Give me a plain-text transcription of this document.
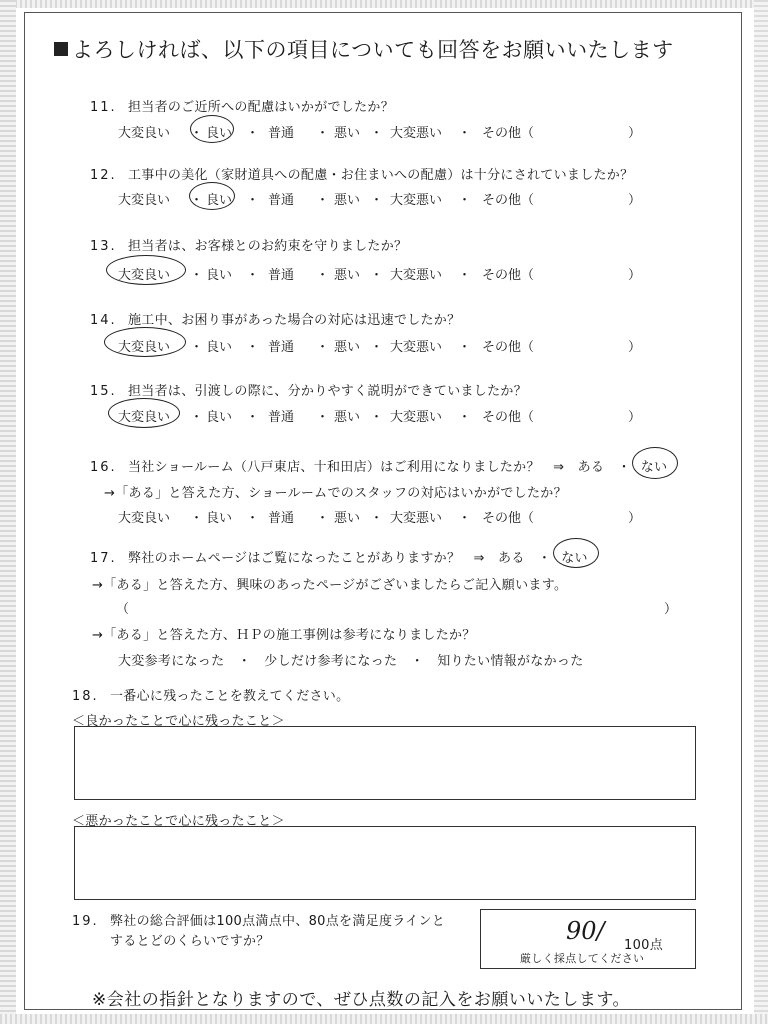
よろしければ、以下の項目についても回答をお願いいたします
11. 担当者のご近所への配慮はいかがでしたか？
大変良い ・ 良い ・ 普通 ・ 悪い ・ 大変悪い ・ その他（	）
12. 工事中の美化（家財道具への配慮・お住まいへの配慮）は十分にされていましたか？
大変良い ・ 良い ・ 普通 ・ 悪い ・ 大変悪い ・ その他（	）
13. 担当者は、お客様とのお約束を守りましたか？
大変良い ・ 良い ・ 普通 ・ 悪い ・ 大変悪い ・ その他（	）
14. 施工中、お困り事があった場合の対応は迅速でしたか？
大変良い ・ 良い ・ 普通 ・ 悪い ・ 大変悪い ・ その他（	）
15. 担当者は、引渡しの際に、分かりやすく説明ができていましたか？
大変良い ・ 良い ・ 普通 ・ 悪い ・ 大変悪い ・ その他（	）
16. 当社ショールーム（八戸東店、十和田店）はご利用になりましたか？　⇒　ある　・ ない
→「ある」と答えた方、ショールームでのスタッフの対応はいかがでしたか？
大変良い ・ 良い ・ 普通 ・ 悪い ・ 大変悪い ・ その他（	）
17. 弊社のホームページはご覧になったことがありますか？　⇒　ある　・ ない
→「ある」と答えた方、興味のあったページがございましたらご記入願います。
（	）
→「ある」と答えた方、ＨＰの施工事例は参考になりましたか？
大変参考になった　・　少しだけ参考になった　・　知りたい情報がなかった
18. 一番心に残ったことを教えてください。
＜良かったことで心に残ったこと＞
＜悪かったことで心に残ったこと＞
19. 弊社の総合評価は100点満点中、80点を満足度ラインと
するとどのくらいですか？	90/
100点
厳しく採点してください
※会社の指針となりますので、ぜひ点数の記入をお願いいたします。
